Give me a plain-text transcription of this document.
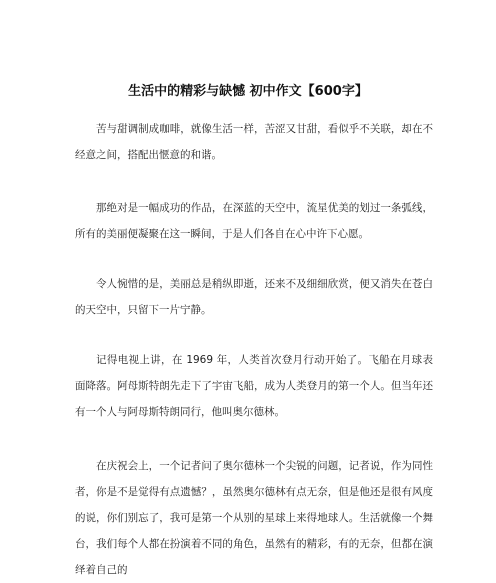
生活中的精彩与缺憾 初中作文【600字】

苦与甜调制成咖啡，就像生活一样，苦涩又甘甜，看似乎不关联，却在不经意之间，搭配出惬意的和谐。

那绝对是一幅成功的作品，在深蓝的天空中，流星优美的划过一条弧线，所有的美丽便凝聚在这一瞬间，于是人们各自在心中许下心愿。

令人惋惜的是，美丽总是稍纵即逝，还来不及细细欣赏，便又消失在苍白的天空中，只留下一片宁静。

记得电视上讲，在 1969 年，人类首次登月行动开始了。飞船在月球表面降落。阿母斯特朗先走下了宇宙飞船，成为人类登月的第一个人。但当年还有一个人与阿母斯特朗同行，他叫奥尔德林。

在庆祝会上，一个记者问了奥尔德林一个尖锐的问题，记者说，作为同性者，你是不是觉得有点遗憾？，虽然奥尔德林有点无奈，但是他还是很有风度的说，你们别忘了，我可是第一个从别的星球上来得地球人。生活就像一个舞台，我们每个人都在扮演着不同的角色，虽然有的精彩，有的无奈，但都在演绎着自己的
